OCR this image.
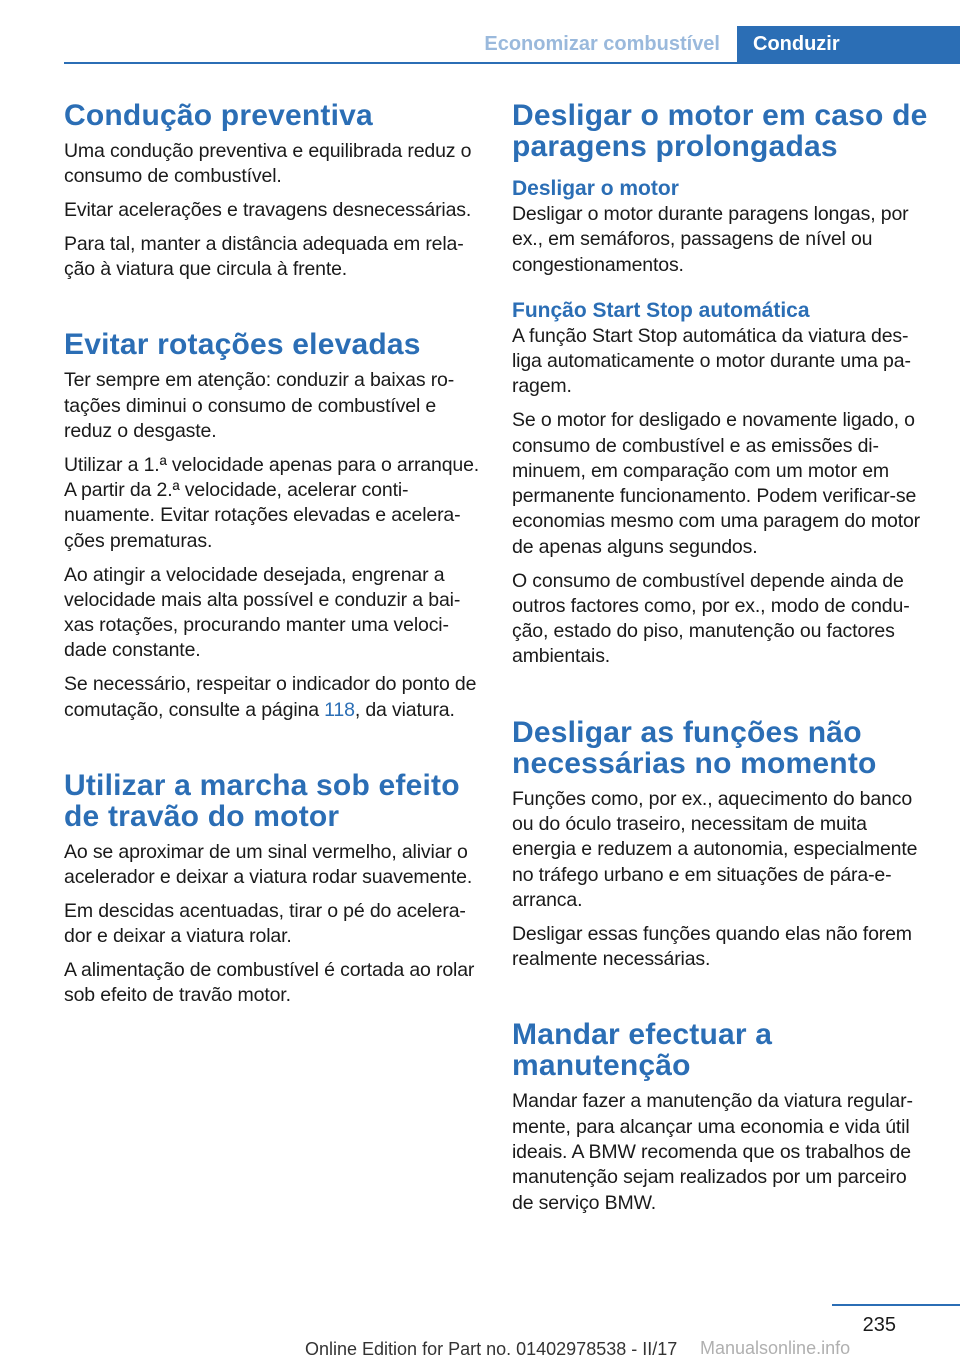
Economizar combustível	Conduzir
Condução preventiva

Uma condução preventiva e equilibrada reduz o consumo de combustível.

Evitar acelerações e travagens desnecessárias.

Para tal, manter a distância adequada em relação à viatura que circula à frente.

Evitar rotações elevadas

Ter sempre em atenção: conduzir a baixas rotações diminui o consumo de combustível e reduz o desgaste.

Utilizar a 1.ª velocidade apenas para o arranque. A partir da 2.ª velocidade, acelerar continuamente. Evitar rotações elevadas e acelerações prematuras.

Ao atingir a velocidade desejada, engrenar a velocidade mais alta possível e conduzir a baixas rotações, procurando manter uma velocidade constante.

Se necessário, respeitar o indicador do ponto de comutação, consulte a página 118, da viatura.

Utilizar a marcha sob efeito de travão do motor

Ao se aproximar de um sinal vermelho, aliviar o acelerador e deixar a viatura rodar suavemente.

Em descidas acentuadas, tirar o pé do acelerador e deixar a viatura rolar.

A alimentação de combustível é cortada ao rolar sob efeito de travão motor.

Desligar o motor em caso de paragens prolongadas
Desligar o motor

Desligar o motor durante paragens longas, por ex., em semáforos, passagens de nível ou congestionamentos.

Função Start Stop automática

A função Start Stop automática da viatura desliga automaticamente o motor durante uma paragem.

Se o motor for desligado e novamente ligado, o consumo de combustível e as emissões diminuem, em comparação com um motor em permanente funcionamento. Podem verificar-se economias mesmo com uma paragem do motor de apenas alguns segundos.

O consumo de combustível depende ainda de outros factores como, por ex., modo de condução, estado do piso, manutenção ou factores ambientais.

Desligar as funções não necessárias no momento

Funções como, por ex., aquecimento do banco ou do óculo traseiro, necessitam de muita energia e reduzem a autonomia, especialmente no tráfego urbano e em situações de pára-e-arranca.

Desligar essas funções quando elas não forem realmente necessárias.

Mandar efectuar a manutenção

Mandar fazer a manutenção da viatura regularmente, para alcançar uma economia e vida útil ideais. A BMW recomenda que os trabalhos de manutenção sejam realizados por um parceiro de serviço BMW.

235
Online Edition for Part no. 01402978538 - II/17 Manualsonline.info
